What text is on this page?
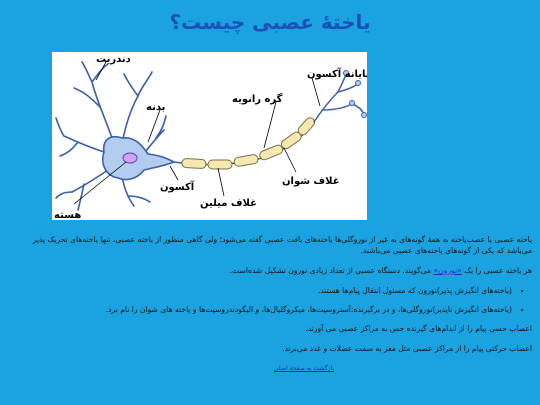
یاختهٔ عصبی چیست؟
دندریت
پایانه آکسون
گره رانویه
بدنه
آکسون
غلاف شوان
غلاف میلین
هسته

یاخته عصبی یا عصب‌یاخته به همهٔ گونه‌های به غیر از نوروگلی‌ها یاخته‌های بافت عصبی گفته می‌شود؛ ولی گاهی منظور از یاخته عصبی، تنها یاخته‌های تحریک پذیر می‌باشد که یکی از گونه‌های یاخته‌های عصبی می‌باشند.

هر یاخته عصبی را یک «نورون» می‌گویند. دستگاه عصبی از تعداد زیادی نورون تشکیل شده‌است.

• (یاخته‌های انگیزش پذیر)نورون که مسئول انتقال پیام‌ها هستند.
• (یاخته‌های انگیزش ناپذیر)نوروگلی‌ها، و در برگیرنده:آستروسیت‌ها، میکروگلیال‌ها، و الیگودندروسیت‌ها و یاخته های شوان را نام برد.

اعصاب حسی پیام را از اندام‌های گیرنده حس به مراکز عصبی می آورند.

اعصاب حرکتی پیام را از مراکز عصبی مثل مغز به سمت عضلات و غدد می‌برند.

بازگشت به صفحهٔ اصلی
